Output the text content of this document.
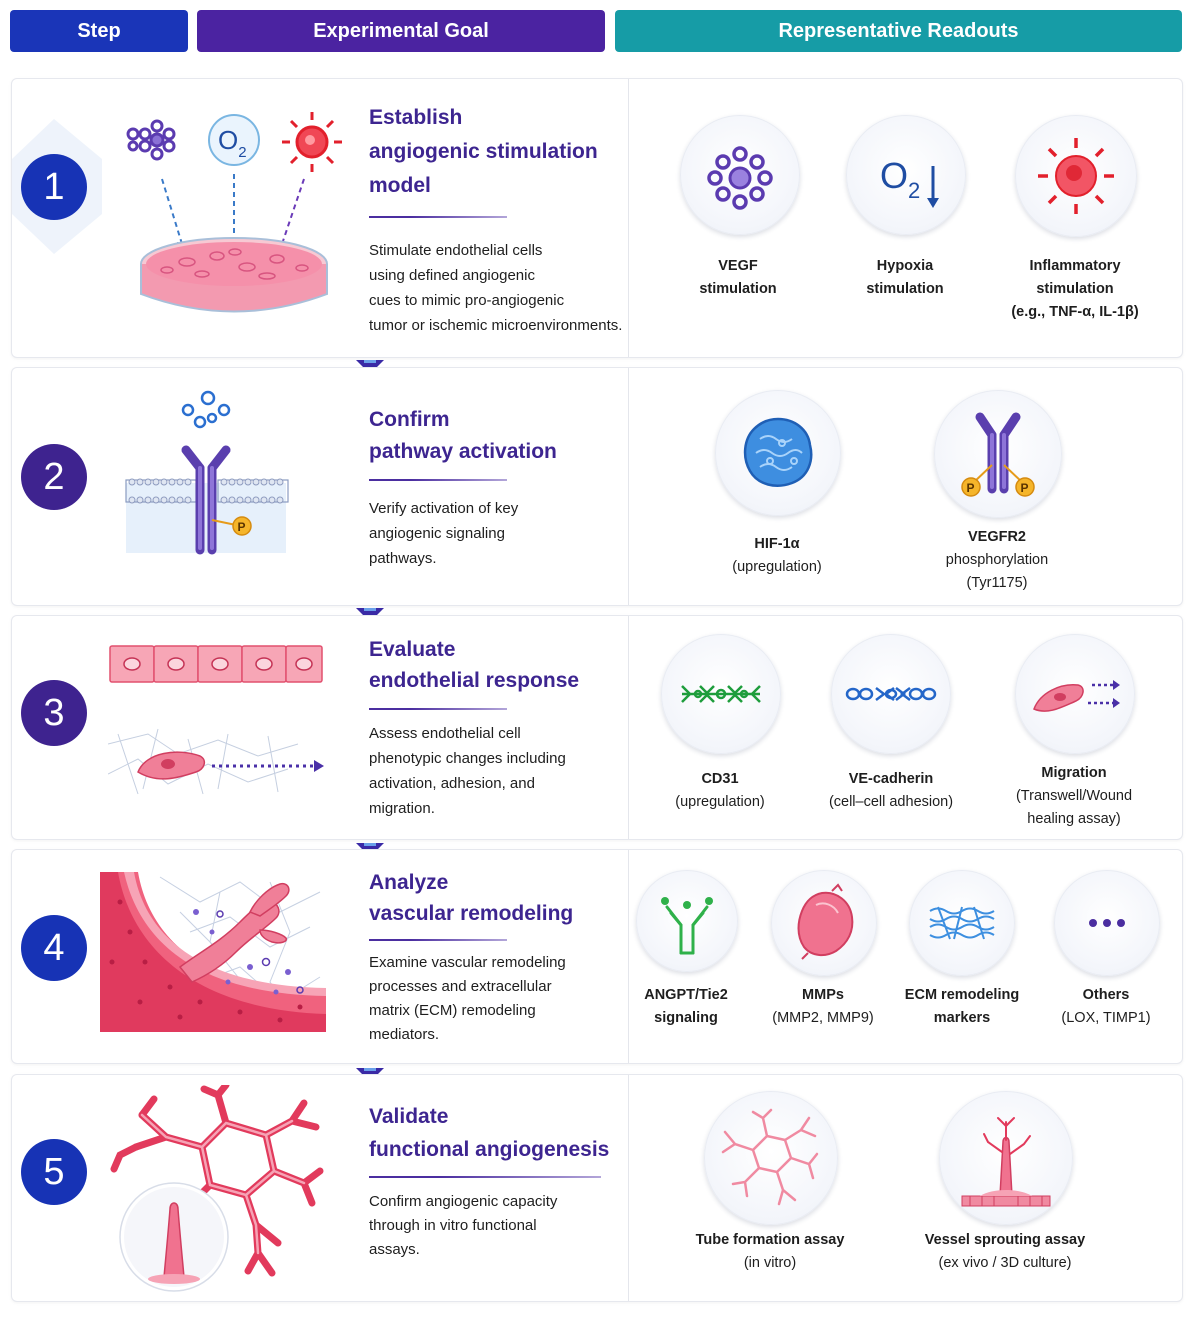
Step	Experimental Goal	Representative Readouts
1
$O_2$
Establish
angiogenic stimulation
model
Stimulate endothelial cells
using defined angiogenic
cues to mimic pro-angiogenic
tumor or ischemic microenvironments.
VEGF
stimulation
$O_2$
Hypoxia
stimulation
Inflammatory
stimulation
(e.g., TNF-α, IL-1β)
2
P
Confirm
pathway activation
Verify activation of key
angiogenic signaling
pathways.
HIF-1α
(upregulation)
P	P
VEGFR2
phosphorylation
(Tyr1175)
3
Evaluate
endothelial response
Assess endothelial cell
phenotypic changes including
activation, adhesion, and
migration.
CD31
(upregulation)
VE-cadherin
(cell–cell adhesion)
Migration
(Transwell/Wound
healing assay)
4
Analyze
vascular remodeling
Examine vascular remodeling
processes and extracellular
matrix (ECM) remodeling
mediators.
ANGPT/Tie2
signaling
MMPs
(MMP2, MMP9)
ECM remodeling
markers
Others
(LOX, TIMP1)
5
Validate
functional angiogenesis
Confirm angiogenic capacity
through in vitro functional
assays.
Tube formation assay
(in vitro)
Vessel sprouting assay
(ex vivo / 3D culture)
